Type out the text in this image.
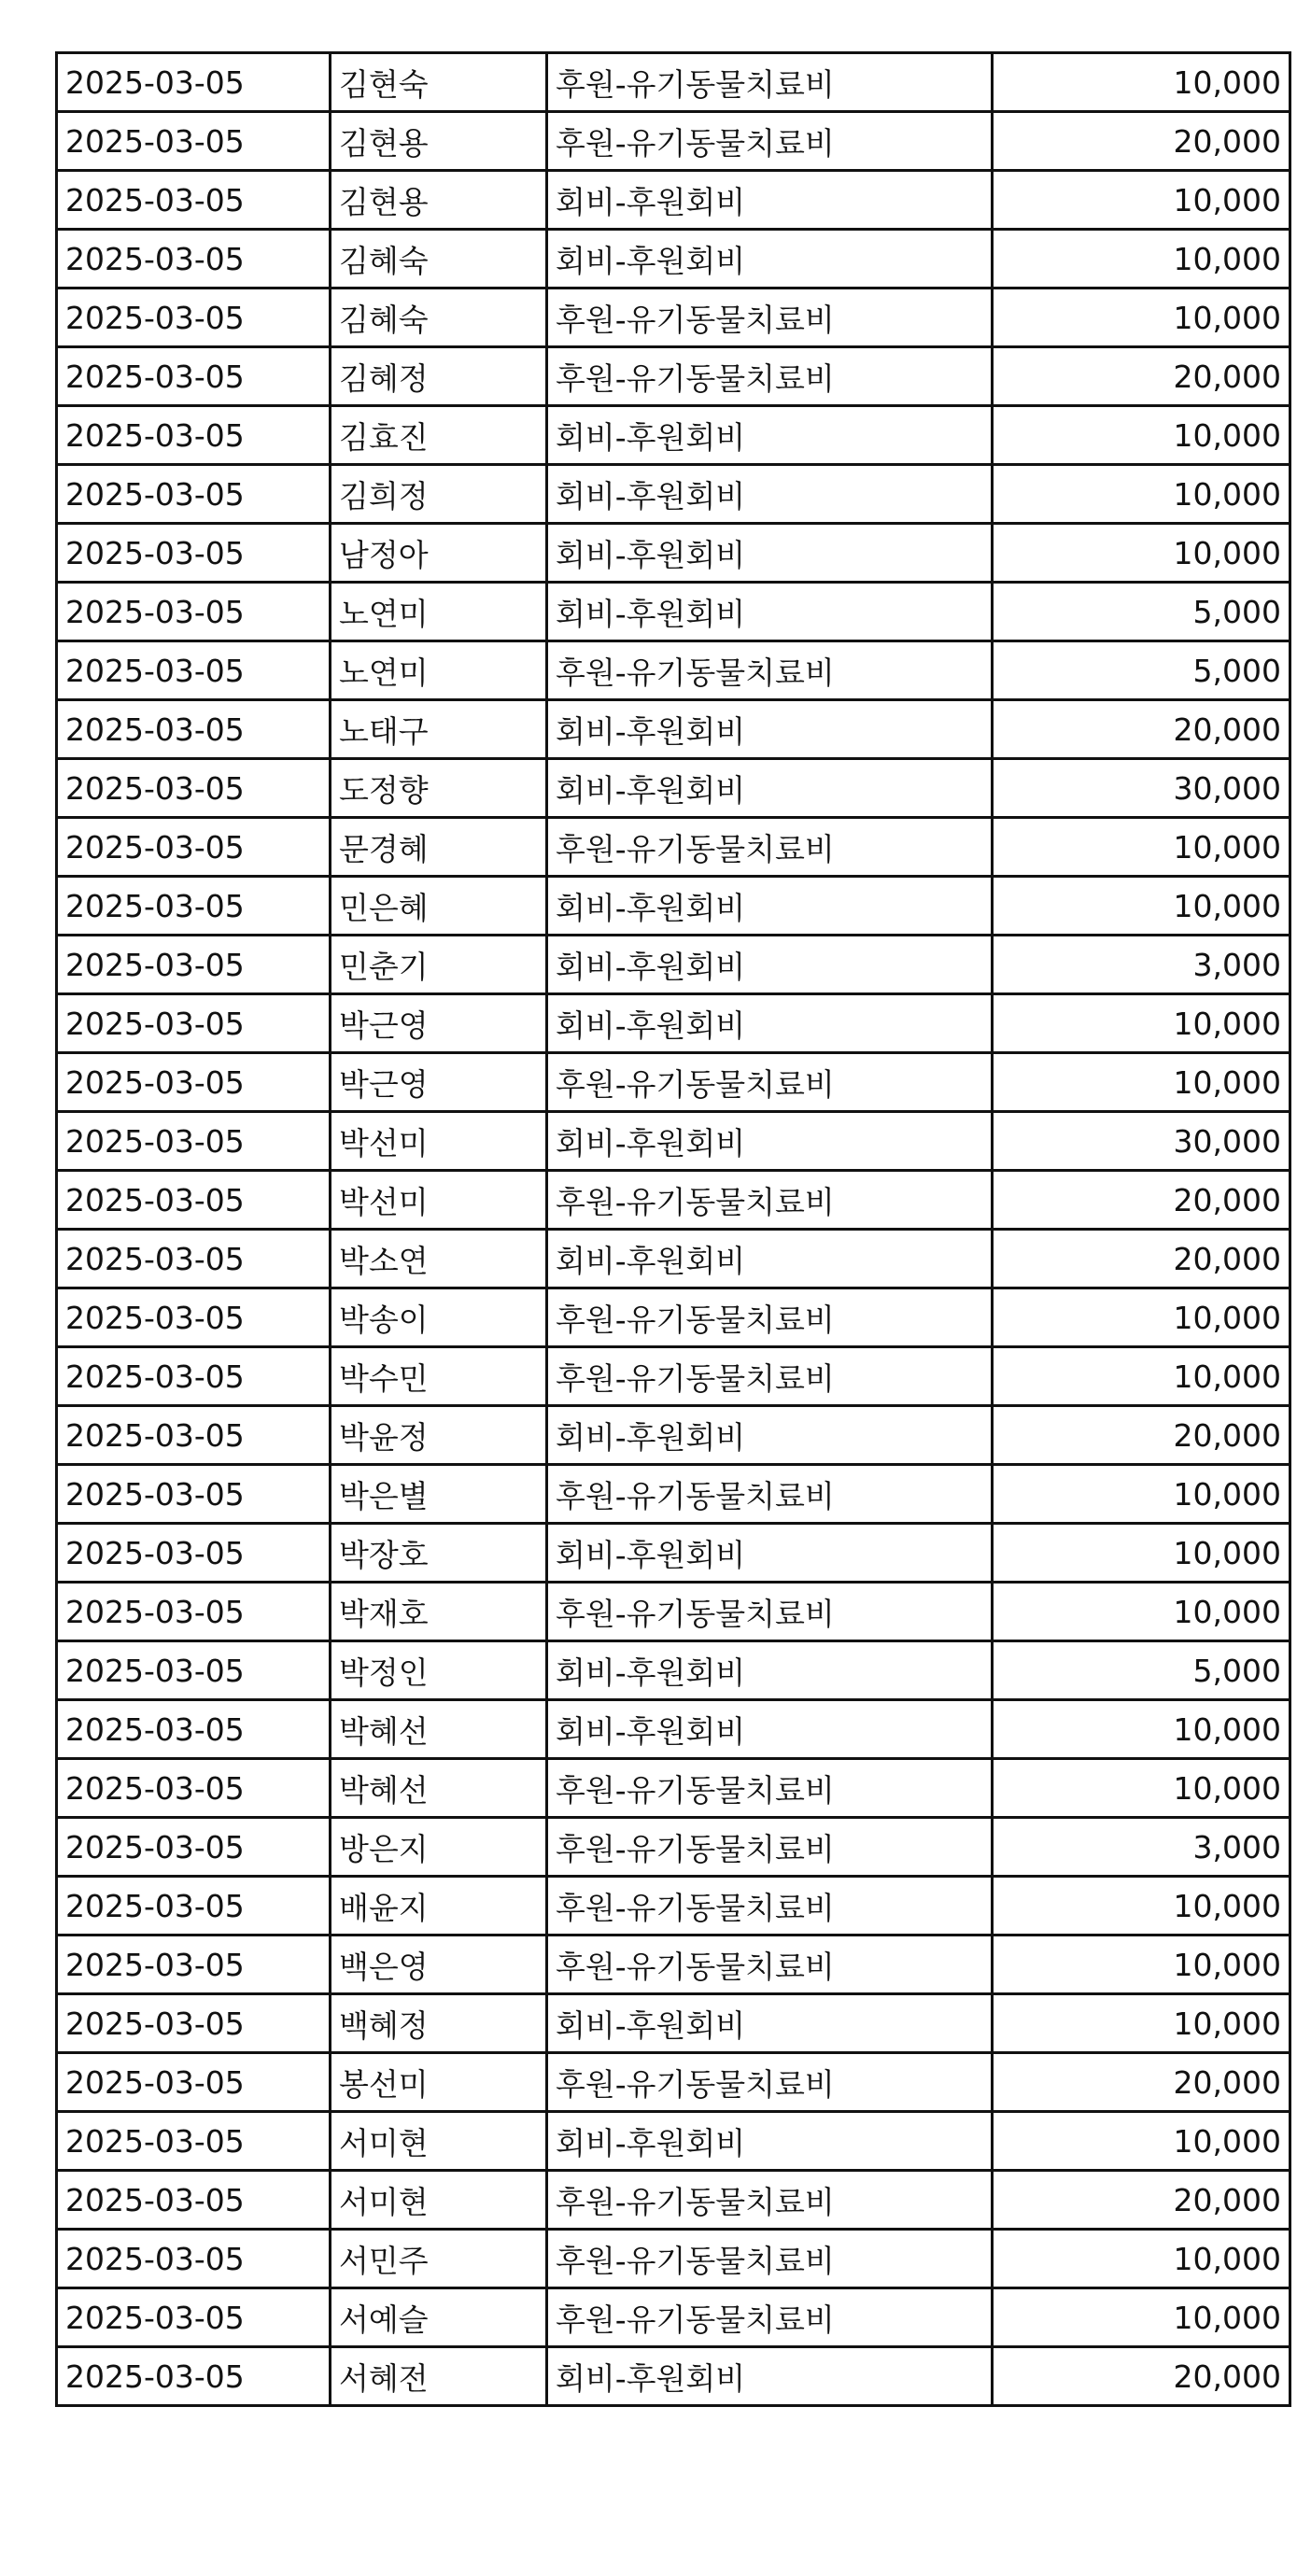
2025-03-05	김현숙	후원-유기동물치료비	10,000
2025-03-05	김현용	후원-유기동물치료비	20,000
2025-03-05	김현용	회비-후원회비	10,000
2025-03-05	김혜숙	회비-후원회비	10,000
2025-03-05	김혜숙	후원-유기동물치료비	10,000
2025-03-05	김혜정	후원-유기동물치료비	20,000
2025-03-05	김효진	회비-후원회비	10,000
2025-03-05	김희정	회비-후원회비	10,000
2025-03-05	남정아	회비-후원회비	10,000
2025-03-05	노연미	회비-후원회비	5,000
2025-03-05	노연미	후원-유기동물치료비	5,000
2025-03-05	노태구	회비-후원회비	20,000
2025-03-05	도정향	회비-후원회비	30,000
2025-03-05	문경혜	후원-유기동물치료비	10,000
2025-03-05	민은혜	회비-후원회비	10,000
2025-03-05	민춘기	회비-후원회비	3,000
2025-03-05	박근영	회비-후원회비	10,000
2025-03-05	박근영	후원-유기동물치료비	10,000
2025-03-05	박선미	회비-후원회비	30,000
2025-03-05	박선미	후원-유기동물치료비	20,000
2025-03-05	박소연	회비-후원회비	20,000
2025-03-05	박송이	후원-유기동물치료비	10,000
2025-03-05	박수민	후원-유기동물치료비	10,000
2025-03-05	박윤정	회비-후원회비	20,000
2025-03-05	박은별	후원-유기동물치료비	10,000
2025-03-05	박장호	회비-후원회비	10,000
2025-03-05	박재호	후원-유기동물치료비	10,000
2025-03-05	박정인	회비-후원회비	5,000
2025-03-05	박혜선	회비-후원회비	10,000
2025-03-05	박혜선	후원-유기동물치료비	10,000
2025-03-05	방은지	후원-유기동물치료비	3,000
2025-03-05	배윤지	후원-유기동물치료비	10,000
2025-03-05	백은영	후원-유기동물치료비	10,000
2025-03-05	백혜정	회비-후원회비	10,000
2025-03-05	봉선미	후원-유기동물치료비	20,000
2025-03-05	서미현	회비-후원회비	10,000
2025-03-05	서미현	후원-유기동물치료비	20,000
2025-03-05	서민주	후원-유기동물치료비	10,000
2025-03-05	서예슬	후원-유기동물치료비	10,000
2025-03-05	서혜전	회비-후원회비	20,000
